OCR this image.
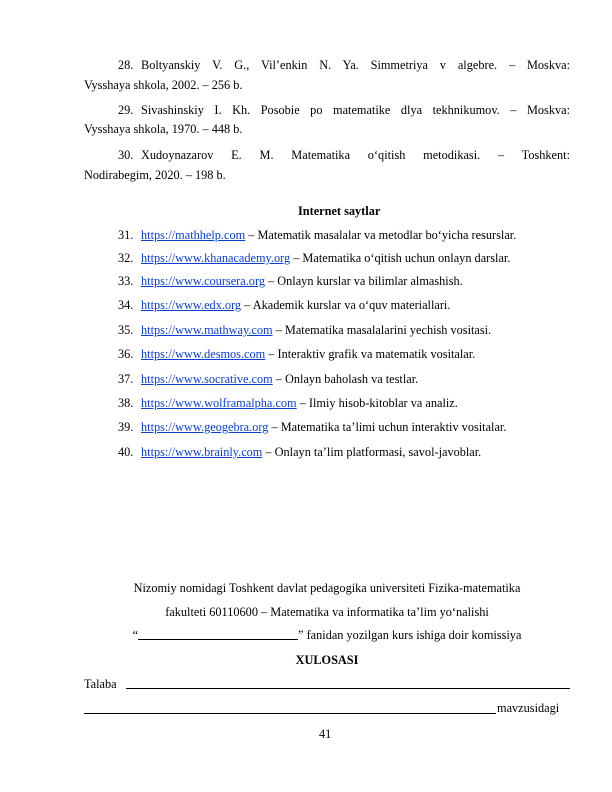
28. Boltyanskiy V. G., Vil’enkin N. Ya. Simmetriya v algebre. – Moskva:
Vysshaya shkola, 2002. – 256 b.
29. Sivashinskiy I. Kh. Posobie po matematike dlya tekhnikumov. – Moskva:
Vysshaya shkola, 1970. – 448 b.
30. Xudoynazarov E. M. Matematika o‘qitish metodikasi. – Toshkent:
Nodirabegim, 2020. – 198 b.
Internet saytlar
31. https://mathhelp.com – Matematik masalalar va metodlar bo‘yicha resurslar.
32. https://www.khanacademy.org – Matematika o‘qitish uchun onlayn darslar.
33. https://www.coursera.org – Onlayn kurslar va bilimlar almashish.
34. https://www.edx.org – Akademik kurslar va o‘quv materiallari.
35. https://www.mathway.com – Matematika masalalarini yechish vositasi.
36. https://www.desmos.com – Interaktiv grafik va matematik vositalar.
37. https://www.socrative.com – Onlayn baholash va testlar.
38. https://www.wolframalpha.com – Ilmiy hisob-kitoblar va analiz.
39. https://www.geogebra.org – Matematika ta’limi uchun interaktiv vositalar.
40. https://www.brainly.com – Onlayn ta’lim platformasi, savol-javoblar.
Nizomiy nomidagi Toshkent davlat pedagogika universiteti Fizika-matematika
fakulteti 60110600 – Matematika va informatika ta’lim yo‘nalishi
“	” fanidan yozilgan kurs ishiga doir komissiya
XULOSASI
Talaba
mavzusidagi
41
